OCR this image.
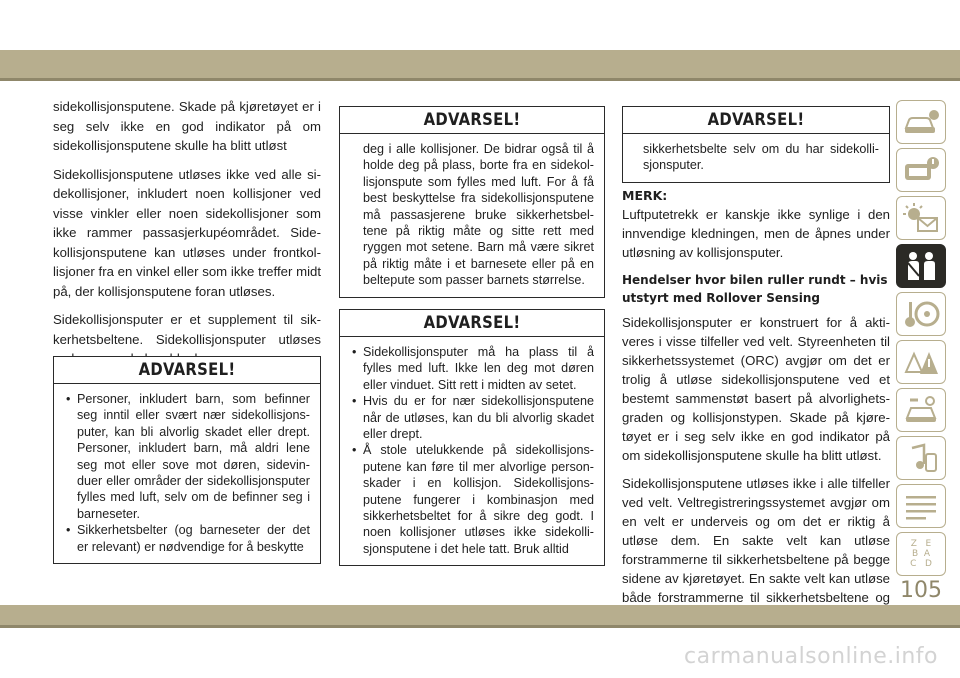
sidekollisjonsputene. Skade på kjøretøyet er i seg selv ikke en god indikator på om sidekollisjonsputene skulle ha blitt utløst

Sidekollisjonsputene utløses ikke ved alle sidekollisjoner, inkludert noen kollisjoner ved visse vinkler eller noen sidekollisjoner som ikke rammer passasjerkupéområdet. Sidekollisjonsputene kan utløses under frontkollisjoner fra en vinkel eller som ikke treffer midt på, der kollisjonsputene foran utløses.

Sidekollisjonsputer er et supplement til sikkerhetsbeltene. Sidekollisjonsputer utløses

ADVARSEL!
• Personer, inkludert barn, som befinner seg inntil eller svært nær sidekollisjonsputer, kan bli alvorlig skadet eller drept. Personer, inkludert barn, må aldri lene seg mot eller sove mot døren, sidevinduer eller områder der sidekollisjonsputer fylles med luft, selv om de befinner seg i barneseter.
• Sikkerhetsbelter (og barneseter der det er relevant) er nødvendige for å beskytte
ADVARSEL!
deg i alle kollisjoner. De bidrar også til å holde deg på plass, borte fra en sidekollisjonspute som fylles med luft. For å få best beskyttelse fra sidekollisjonsputene må passasjerene bruke sikkerhetsbeltene på riktig måte og sitte rett med ryggen mot setene. Barn må være sikret på riktig måte i et barnesete eller på en beltepute som passer barnets størrelse.
ADVARSEL!
• Sidekollisjonsputer må ha plass til å fylles med luft. Ikke len deg mot døren eller vinduet. Sitt rett i midten av setet.
• Hvis du er for nær sidekollisjonsputene når de utløses, kan du bli alvorlig skadet eller drept.
• Å stole utelukkende på sidekollisjonsputene kan føre til mer alvorlige personskader i en kollisjon. Sidekollisjonsputene fungerer i kombinasjon med sikkerhetsbeltet for å sikre deg godt. I noen kollisjoner utløses ikke sidekollisjonsputene i det hele tatt. Bruk alltid
ADVARSEL!
sikkerhetsbelte selv om du har sidekollisjonsputer.
MERK:

Luftputetrekk er kanskje ikke synlige i den innvendige kledningen, men de åpnes under utløsning av kollisjonsputer.

Hendelser hvor bilen ruller rundt – hvis utstyrt med Rollover Sensing

Sidekollisjonsputer er konstruert for å aktiveres i visse tilfeller ved velt. Styreenheten til sikkerhetssystemet (ORC) avgjør om det er trolig å utløse sidekollisjonsputene ved et bestemt sammenstøt basert på alvorlighetsgraden og kollisjonstypen. Skade på kjøretøyet er i seg selv ikke en god indikator på om sidekollisjonsputene skulle ha blitt utløst.

Sidekollisjonsputene utløses ikke i alle tilfeller ved velt. Veltregistreringssystemet avgjør om en velt er underveis og om det er riktig å utløse dem. En sakte velt kan utløse forstrammerne til sikkerhetsbeltene på begge sidene av kjøretøyet. En sakte velt kan utløse både forstrammerne til sikkerhetsbeltene og

Z E
B A
C D
105
carmanualsonline.info
